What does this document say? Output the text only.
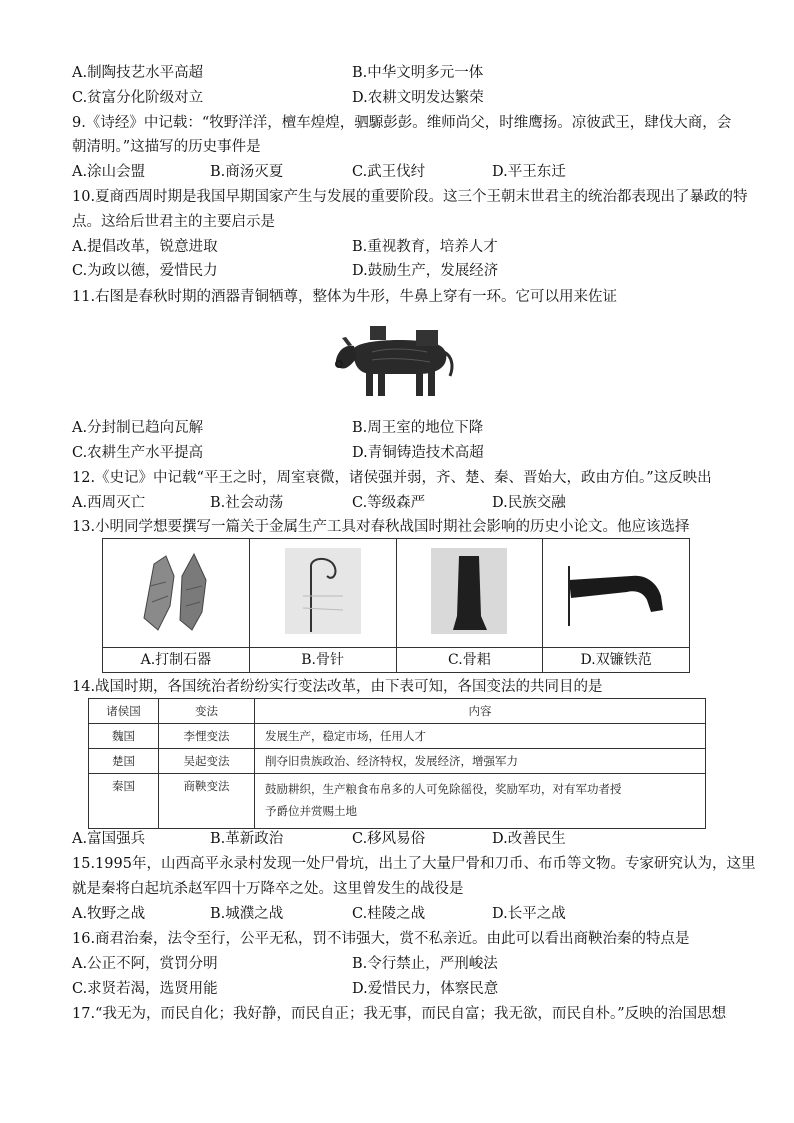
A.制陶技艺水平高超	B.中华文明多元一体
C.贫富分化阶级对立	D.农耕文明发达繁荣
9.《诗经》中记载：“牧野洋洋，檀车煌煌，驷騵彭彭。维师尚父，时维鹰扬。凉彼武王，肆伐大商，会
朝清明。”这描写的历史事件是
A.涂山会盟	B.商汤灭夏	C.武王伐纣	D.平王东迁
10.夏商西周时期是我国早期国家产生与发展的重要阶段。这三个王朝末世君主的统治都表现出了暴政的特
点。这给后世君主的主要启示是
A.提倡改革，锐意进取	B.重视教育，培养人才
C.为政以德，爱惜民力	D.鼓励生产，发展经济
11.右图是春秋时期的酒器青铜牺尊，整体为牛形，牛鼻上穿有一环。它可以用来佐证
A.分封制已趋向瓦解	B.周王室的地位下降
C.农耕生产水平提高	D.青铜铸造技术高超
12.《史记》中记载“平王之时，周室衰微，诸侯强并弱，齐、楚、秦、晋始大，政由方伯。”这反映出
A.西周灭亡	B.社会动荡	C.等级森严	D.民族交融
13.小明同学想要撰写一篇关于金属生产工具对春秋战国时期社会影响的历史小论文。他应该选择

A.打制石器	B.骨针	C.骨耜	D.双镰铁范
14.战国时期，各国统治者纷纷实行变法改革，由下表可知，各国变法的共同目的是
诸侯国	变法	内容
魏国	李悝变法	发展生产，稳定市场，任用人才
楚国	吴起变法	削夺旧贵族政治、经济特权，发展经济，增强军力
秦国	商鞅变法	鼓励耕织，生产粮食布帛多的人可免除徭役，奖励军功，对有军功者授
予爵位并赏赐土地
A.富国强兵	B.革新政治	C.移风易俗	D.改善民生
15.1995年，山西高平永录村发现一处尸骨坑，出土了大量尸骨和刀币、布币等文物。专家研究认为，这里
就是秦将白起坑杀赵军四十万降卒之处。这里曾发生的战役是
A.牧野之战	B.城濮之战	C.桂陵之战	D.长平之战
16.商君治秦，法令至行，公平无私，罚不讳强大，赏不私亲近。由此可以看出商鞅治秦的特点是
A.公正不阿，赏罚分明	B.令行禁止，严刑峻法
C.求贤若渴，选贤用能	D.爱惜民力，体察民意
17.“我无为，而民自化；我好静，而民自正；我无事，而民自富；我无欲，而民自朴。”反映的治国思想
